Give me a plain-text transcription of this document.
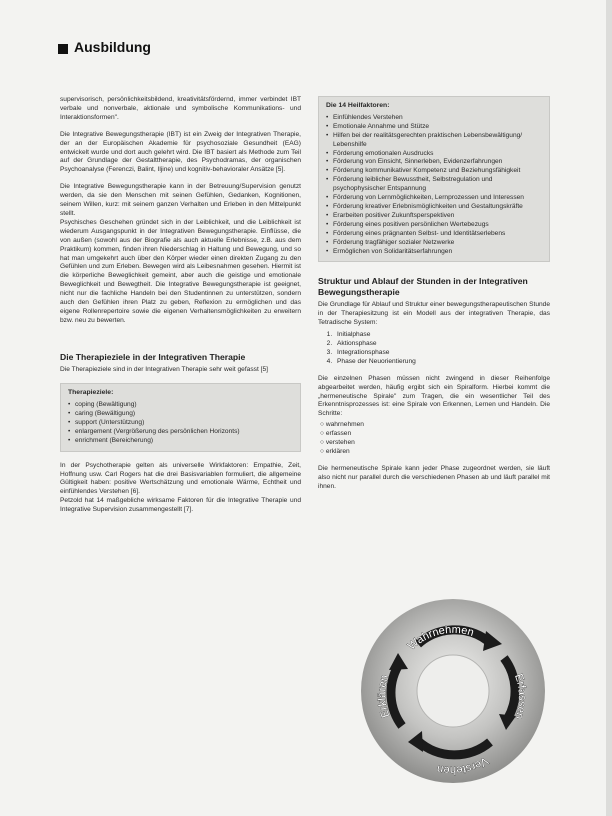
Ausbildung

supervisorisch, persönlichkeitsbildend, kreativitätsfördernd, immer verbindet IBT verbale und nonverbale, aktionale und symbolische Kommunikations- und Interaktionsformen".

Die Integrative Bewegungstherapie (IBT) ist ein Zweig der Integrativen Therapie, der an der Europäischen Akademie für psychosoziale Gesundheit (EAG) entwickelt wurde und dort auch gelehrt wird. Die IBT basiert als Methode zum Teil auf der Grundlage der Gestalttherapie, des Psychodramas, der organischen Psychoanalyse (Ferenczi, Balint, Iljine) und kognitiv-behavioraler Ansätze [5].

Die Integrative Bewegungstherapie kann in der Betreuung/Supervision genutzt werden, da sie den Menschen mit seinen Gefühlen, Gedanken, Kognitionen, seinem Willen, kurz: mit seinem ganzen Verhalten und Erleben in den Mittelpunkt stellt.

Psychisches Geschehen gründet sich in der Leiblichkeit, und die Leiblichkeit ist wiederum Ausgangspunkt in der Integrativen Bewegungstherapie. Einflüsse, die von außen (sowohl aus der Biografie als auch aktuelle Erlebnisse, z.B. aus dem Praktikum) kommen, finden ihren Niederschlag in Haltung und Bewegung, und so hat man umgekehrt auch über den Körper wieder einen direkten Zugang zu den Gefühlen und zum Erleben. Bewegen wird als Leibesnahmen gesehen. Hiermit ist die körperliche Beweglichkeit gemeint, aber auch die geistige und emotionale Beweglichkeit und Bewegtheit. Die Integrative Bewegungstherapie ist geeignet, nicht nur die fachliche Handeln bei den Studentinnen zu unterstützen, sondern auch den Gefühlen ihren Platz zu geben, Reflexion zu ermöglichen und das eigene Rollenrepertoire sowie die eigenen Verhaltensmöglichkeiten zu erweitern bzw. neu zu bewerten.

Die Therapieziele in der Integrativen Therapie

Die Therapieziele sind in der Integrativen Therapie sehr weit gefasst [5]

Therapieziele:
• coping (Bewältigung)
• caring (Bewältigung)
• support (Unterstützung)
• enlargement (Vergrößerung des persönlichen Horizonts)
• enrichment (Bereicherung)

In der Psychotherapie gelten als universelle Wirkfaktoren: Empathie, Zeit, Hoffnung usw. Carl Rogers hat die drei Basisvariablen formuliert, die allgemeine Gültigkeit haben: positive Wertschätzung und emotionale Wärme, Echtheit und einfühlendes Verstehen [6].

Petzold hat 14 maßgebliche wirksame Faktoren für die Integrative Therapie und Integrative Supervision zusammengestellt [7].

Die 14 Heilfaktoren:
• Einfühlendes Verstehen
• Emotionale Annahme und Stütze
• Hilfen bei der realitätsgerechten praktischen Lebensbewältigung/ Lebenshilfe
• Förderung emotionalen Ausdrucks
• Förderung von Einsicht, Sinnerleben, Evidenzerfahrungen
• Förderung kommunikativer Kompetenz und Beziehungsfähigkeit
• Förderung leiblicher Bewusstheit, Selbstregulation und psychophysischer Entspannung
• Förderung von Lernmöglichkeiten, Lernprozessen und Interessen
• Förderung kreativer Erlebnismöglichkeiten und Gestaltungskräfte
• Erarbeiten positiver Zukunftsperspektiven
• Förderung eines positiven persönlichen Wertebezugs
• Förderung eines prägnanten Selbst- und Identitätserlebens
• Förderung tragfähiger sozialer Netzwerke
• Ermöglichen von Solidaritätserfahrungen
Struktur und Ablauf der Stunden in der Integrativen Bewegungstherapie

Die Grundlage für Ablauf und Struktur einer bewegungstherapeutischen Stunde in der Therapiesitzung ist ein Modell aus der integrativen Therapie, das Tetradische System:

1. Initialphase
2. Aktionsphase
3. Integrationsphase
4. Phase der Neuorientierung

Die einzelnen Phasen müssen nicht zwingend in dieser Reihenfolge abgearbeitet werden, häufig ergibt sich ein Spiralform. Hierbei kommt die „hermeneutische Spirale" zum Tragen, die ein wesentlicher Teil des Erkenntnisprozesses ist: eine Spirale von Erkennen, Lernen und Handeln. Die Schritte:

○ wahrnehmen
○ erfassen
○ verstehen
○ erklären

Die hermeneutische Spirale kann jeder Phase zugeordnet werden, sie läuft also nicht nur parallel durch die verschiedenen Phasen ab und läuft parallel mit ihnen.

Wahrnehmen
Erfassen
Verstehen
Erklären
